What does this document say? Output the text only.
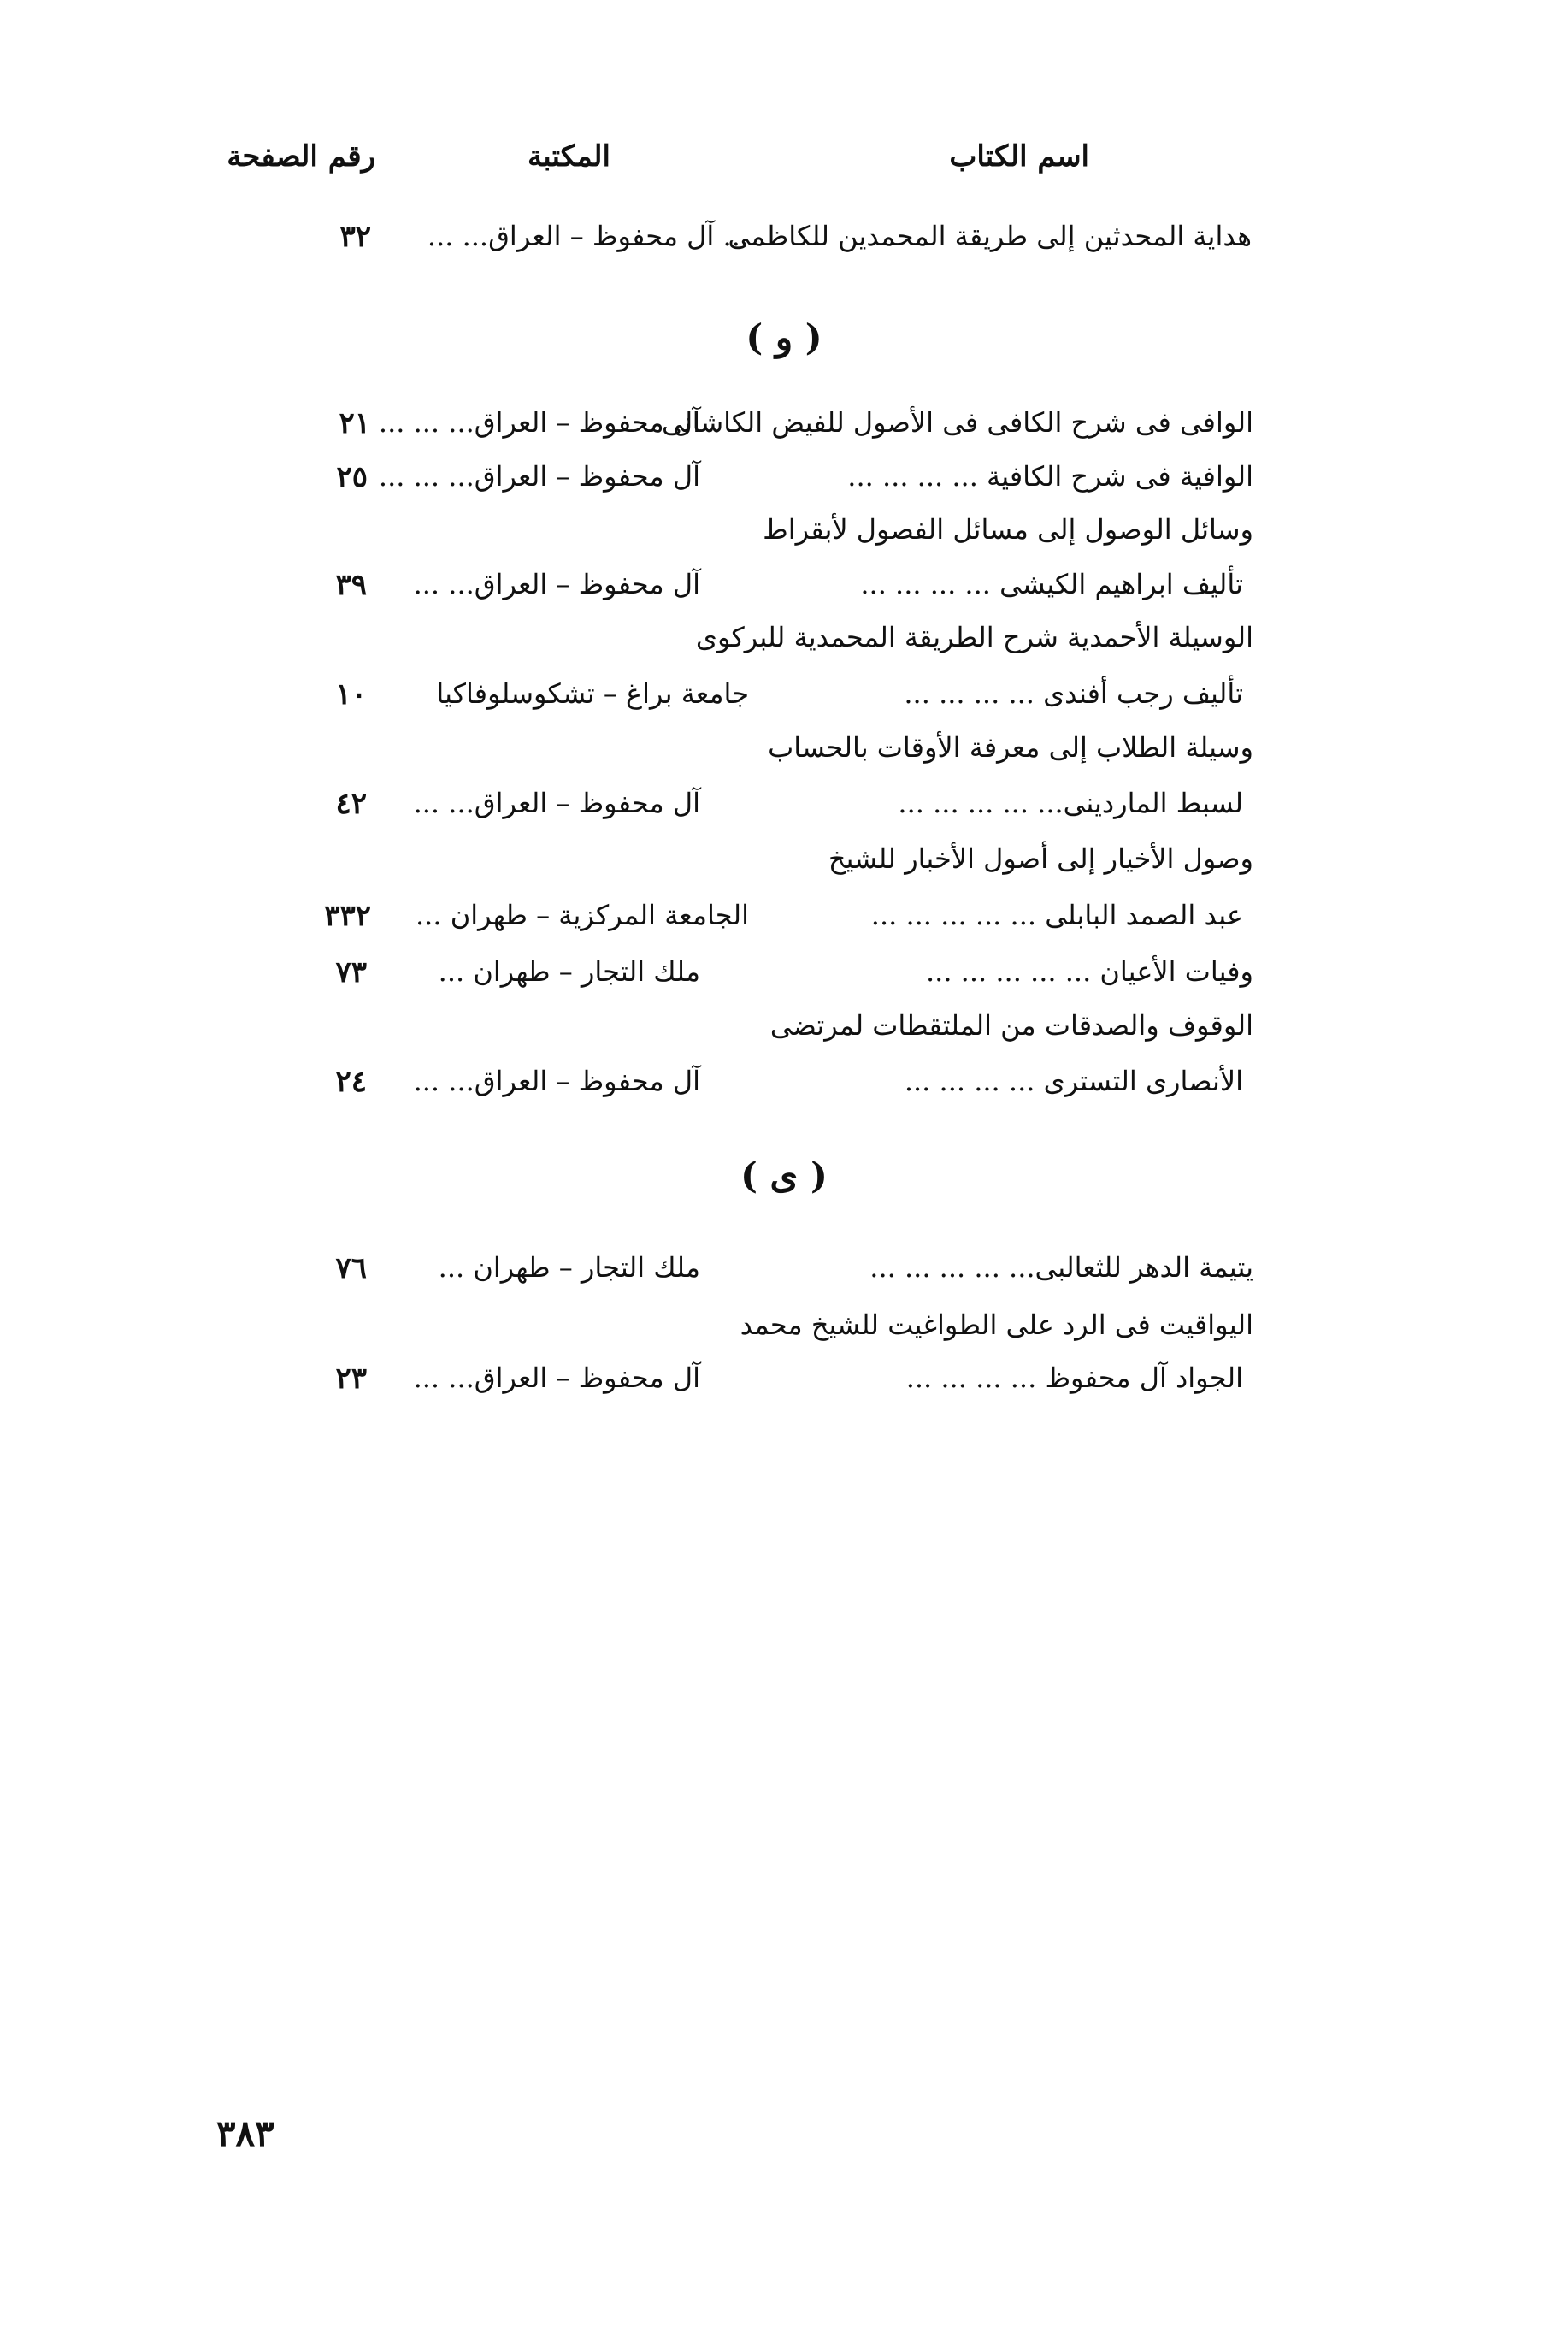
اسم الكتاب
المكتبة
رقم الصفحة
هداية المحدثين إلى طريقة المحمدين للكاظمى
... آل محفوظ – العراق... ...
٣٢
( و )
الوافى فى شرح الكافى فى الأصول للفيض الكاشانى
آل محفوظ – العراق... ... ...
٢١
الوافية فى شرح الكافية ... ... ... ...
آل محفوظ – العراق... ... ...
٢٥
وسائل الوصول إلى مسائل الفصول لأبقراط
تأليف ابراهيم الكيشى ... ... ... ...
آل محفوظ – العراق... ...
٣٩
الوسيلة الأحمدية شرح الطريقة المحمدية للبركوى
تأليف رجب أفندى ... ... ... ...
جامعة براغ – تشكوسلوفاكيا
١٠
وسيلة الطلاب إلى معرفة الأوقات بالحساب
لسبط الماردينى... ... ... ... ...
آل محفوظ – العراق... ...
٤٢
وصول الأخيار إلى أصول الأخبار للشيخ
عبد الصمد البابلى ... ... ... ... ...
الجامعة المركزية – طهران ...
٣٣٢
وفيات الأعيان ... ... ... ... ...
ملك التجار – طهران ...
٧٣
الوقوف والصدقات من الملتقطات لمرتضى
الأنصارى التسترى ... ... ... ...
آل محفوظ – العراق... ...
٢٤
( ى )
يتيمة الدهر للثعالبى... ... ... ... ...
ملك التجار – طهران ...
٧٦
اليواقيت فى الرد على الطواغيت للشيخ محمد
الجواد آل محفوظ ... ... ... ...
آل محفوظ – العراق... ...
٢٣
٣٨٣
